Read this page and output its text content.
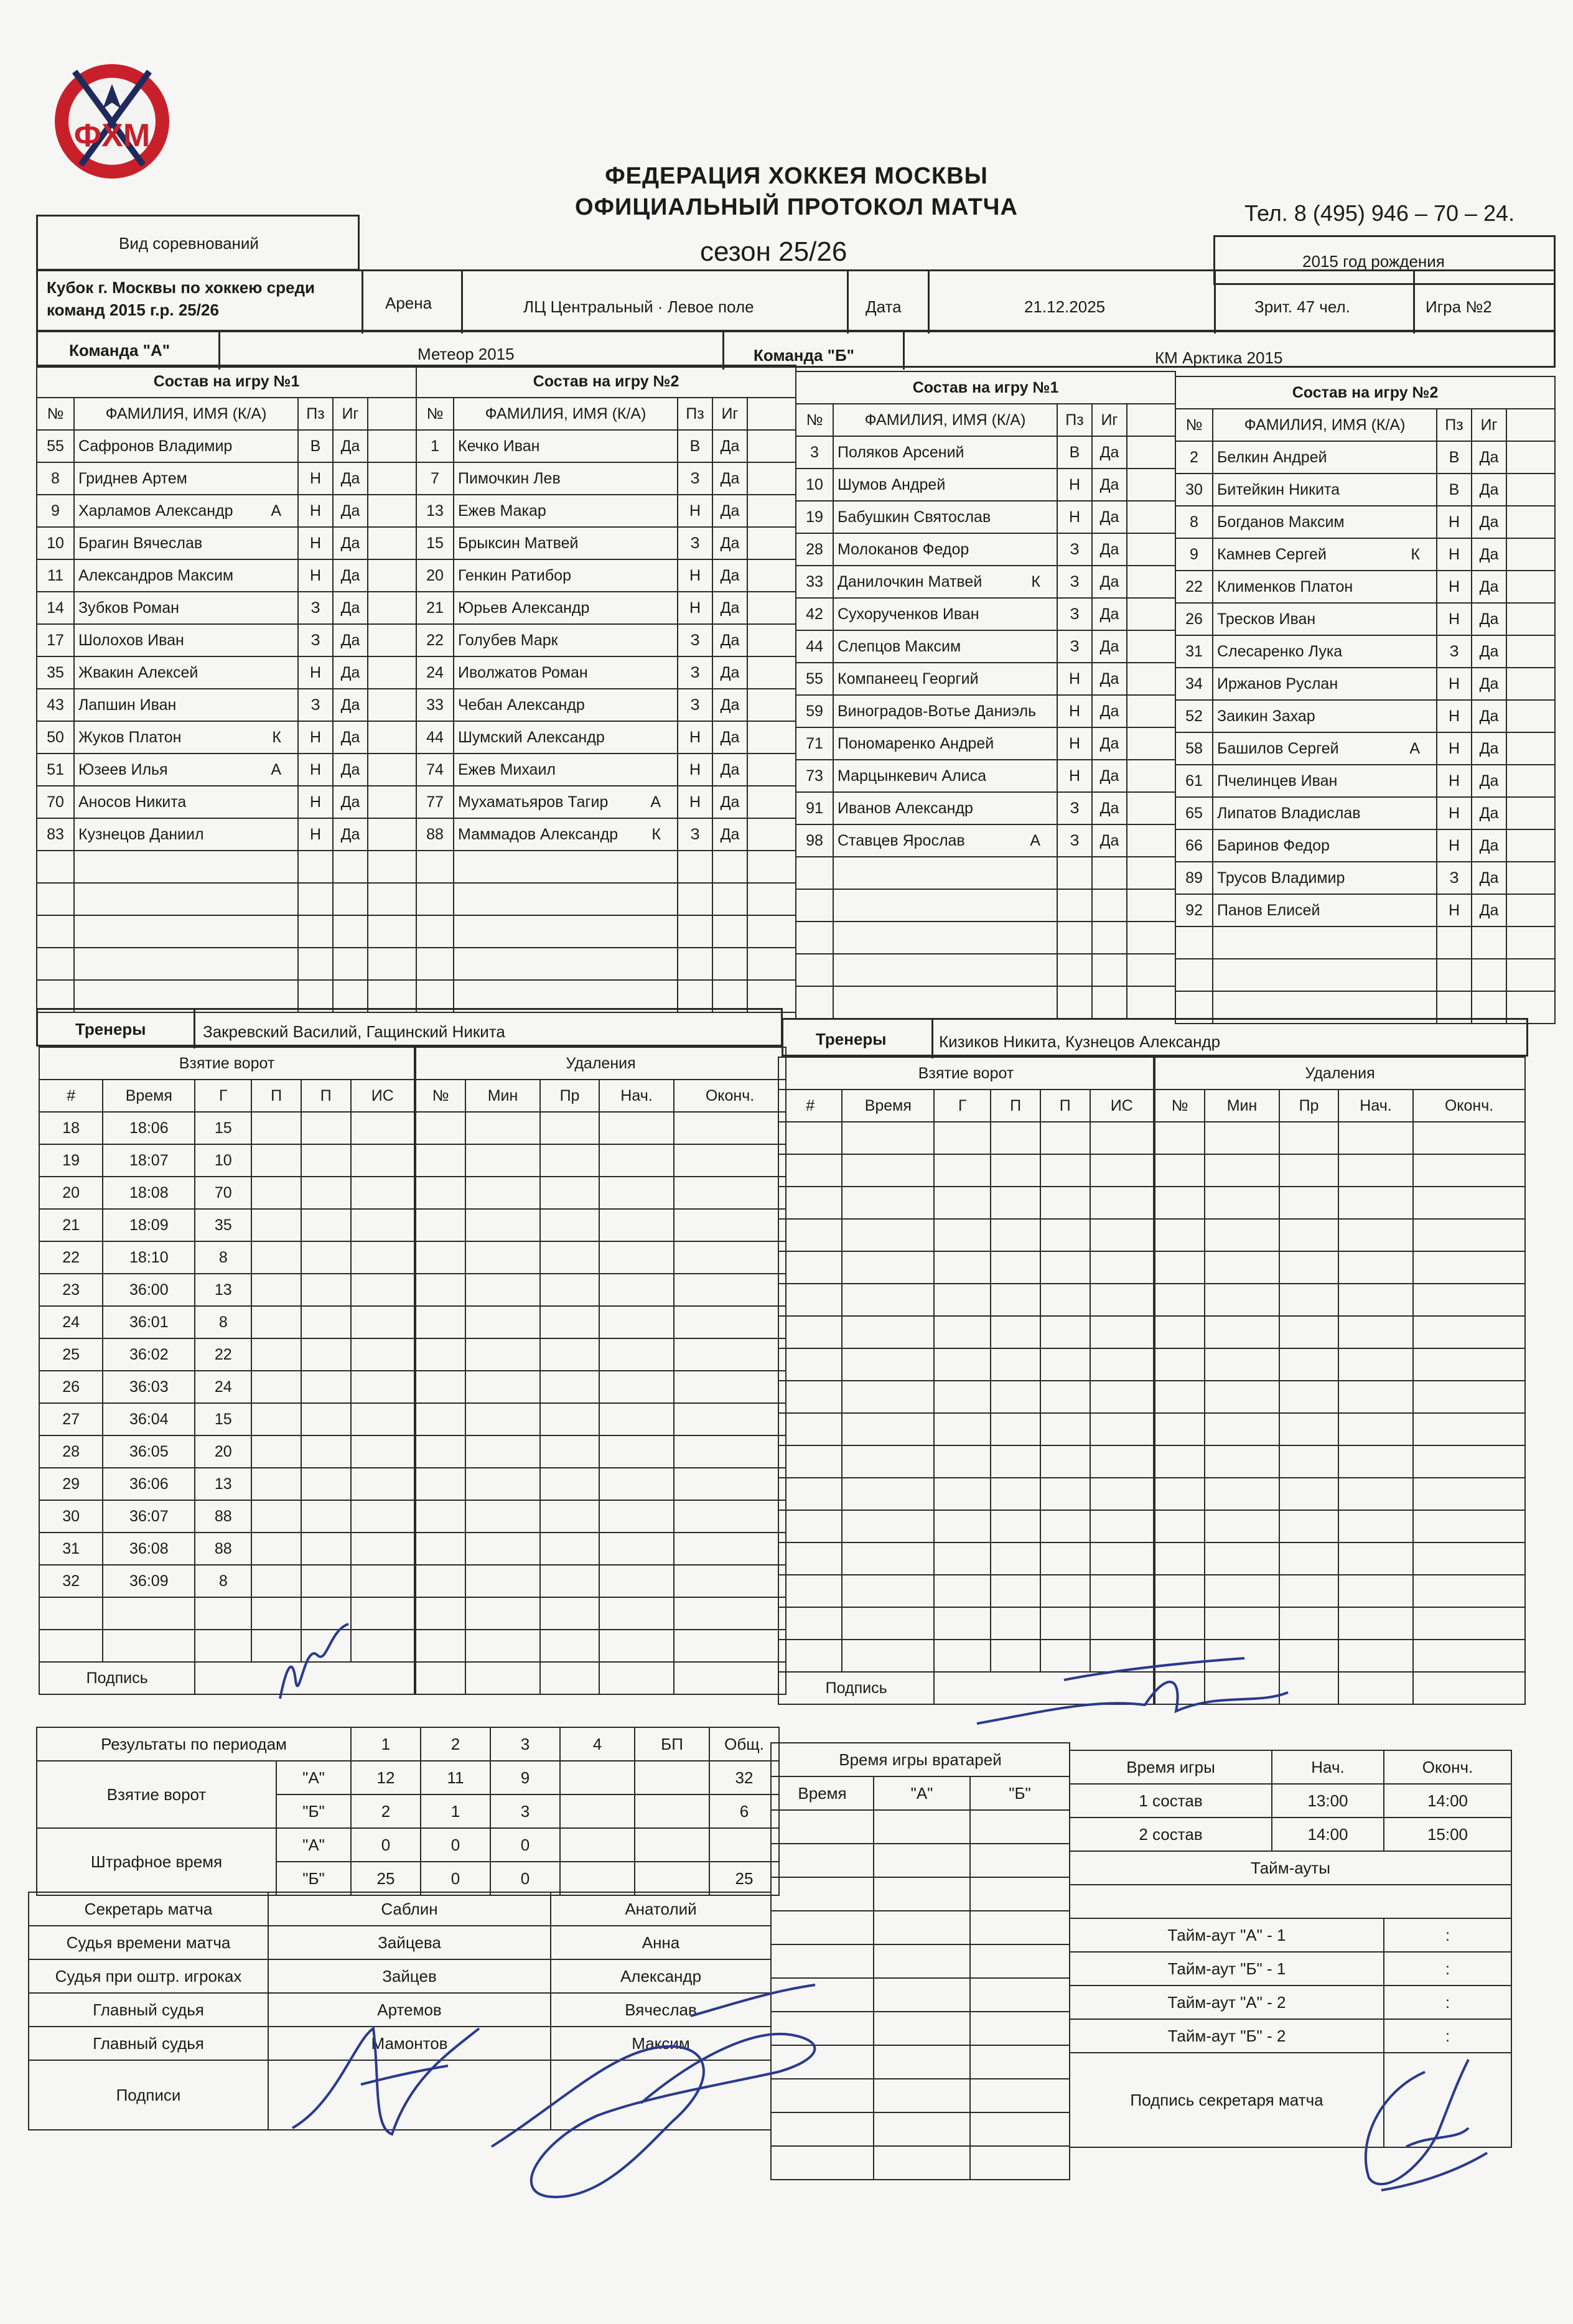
ФХМ
ФЕДЕРАЦИЯ ХОККЕЯ МОСКВЫ
ОФИЦИАЛЬНЫЙ ПРОТОКОЛ МАТЧА	Тел. 8 (495) 946 – 70 – 24.
Вид соревнований	сезон 25/26	2015 год рождения
Кубок г. Москвы по хоккею среди команд 2015 г.р. 25/26	Арена	ЛЦ Центральный · Левое поле	Дата	21.12.2025	Зрит. 47 чел.	Игра №2
Команда "А"	Метеор 2015	Команда "Б"	КМ Арктика 2015
Состав на игру №1				
№	ФАМИЛИЯ, ИМЯ (К/А)	Пз	Иг	
55	Сафронов Владимир	В	Да	
8	Гриднев Артем	Н	Да	
9	Харламов Александр А	Н	Да	
10	Брагин Вячеслав	Н	Да	
11	Александров Максим	Н	Да	
14	Зубков Роман	З	Да	
17	Шолохов Иван	З	Да	
35	Жвакин Алексей	Н	Да	
43	Лапшин Иван	З	Да	
50	Жуков Платон К	Н	Да	
51	Юзеев Илья А	Н	Да	
70	Аносов Никита	Н	Да	
83	Кузнецов Даниил	Н	Да	

Состав на игру №2				
№	ФАМИЛИЯ, ИМЯ (К/А)	Пз	Иг	
1	Кечко Иван	В	Да	
7	Пимочкин Лев	З	Да	
13	Ежев Макар	Н	Да	
15	Брыксин Матвей	З	Да	
20	Генкин Ратибор	Н	Да	
21	Юрьев Александр	Н	Да	
22	Голубев Марк	З	Да	
24	Иволжатов Роман	З	Да	
33	Чебан Александр	З	Да	
44	Шумский Александр	Н	Да	
74	Ежев Михаил	Н	Да	
77	Мухаматьяров Тагир А	Н	Да	
88	Маммадов Александр К	З	Да	

Состав на игру №1				
№	ФАМИЛИЯ, ИМЯ (К/А)	Пз	Иг	
3	Поляков Арсений	В	Да	
10	Шумов Андрей	Н	Да	
19	Бабушкин Святослав	Н	Да	
28	Молоканов Федор	З	Да	
33	Данилочкин Матвей К	З	Да	
42	Сухорученков Иван	З	Да	
44	Слепцов Максим	З	Да	
55	Компанеец Георгий	Н	Да	
59	Виноградов-Вотье Даниэль	Н	Да	
71	Пономаренко Андрей	Н	Да	
73	Марцынкевич Алиса	Н	Да	
91	Иванов Александр	З	Да	
98	Ставцев Ярослав А	З	Да	

Состав на игру №2				
№	ФАМИЛИЯ, ИМЯ (К/А)	Пз	Иг	
2	Белкин Андрей	В	Да	
30	Битейкин Никита	В	Да	
8	Богданов Максим	Н	Да	
9	Камнев Сергей К	Н	Да	
22	Клименков Платон	Н	Да	
26	Тресков Иван	Н	Да	
31	Слесаренко Лука	З	Да	
34	Иржанов Руслан	Н	Да	
52	Заикин Захар	Н	Да	
58	Башилов Сергей А	Н	Да	
61	Пчелинцев Иван	Н	Да	
65	Липатов Владислав	Н	Да	
66	Баринов Федор	Н	Да	
89	Трусов Владимир	З	Да	
92	Панов Елисей	Н	Да	

Тренеры	Закревский Василий, Гащинский Никита	Тренеры	Кизиков Никита, Кузнецов Александр
Взятие ворот					
#	Время	Г	П	П	ИС
18	18:06	15			
19	18:07	10			
20	18:08	70			
21	18:09	35			
22	18:10	8			
23	36:00	13			
24	36:01	8			
25	36:02	22			
26	36:03	24			
27	36:04	15			
28	36:05	20			
29	36:06	13			
30	36:07	88			
31	36:08	88			
32	36:09	8			

Подпись					
Удаления				
№	Мин	Пр	Нач.	Оконч.

Взятие ворот					
#	Время	Г	П	П	ИС

Подпись					
Удаления				
№	Мин	Пр	Нач.	Оконч.

Результаты по периодам		1	2	3	4	БП	Общ.
Взятие ворот	"А"	12	11	9			32
	"Б"	2	1	3			6
Штрафное время	"А"	0	0	0			
	"Б"	25	0	0			25
Секретарь матча	Саблин	Анатолий
Судья времени матча	Зайцева	Анна
Судья при оштр. игроках	Зайцев	Александр
Главный судья	Артемов	Вячеслав
Главный судья	Мамонтов	Максим
Подписи		
Время игры вратарей		
Время	"А"	"Б"

Время игры	Нач.	Оконч.
1 состав	13:00	14:00
2 состав	14:00	15:00
Тайм-ауты		

Тайм-аут "А" - 1		:
Тайм-аут "Б" - 1		:
Тайм-аут "А" - 2		:
Тайм-аут "Б" - 2		:
Подпись секретаря матча		
